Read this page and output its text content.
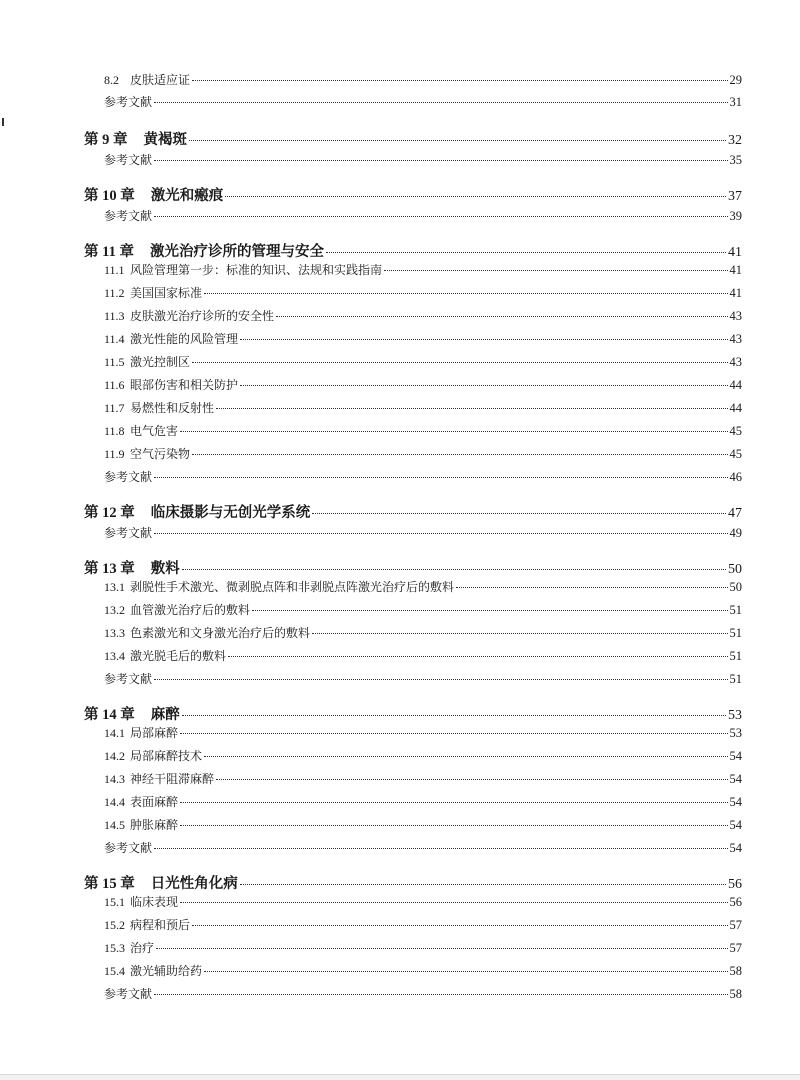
8.2 皮肤适应证	29
参考文献	31
第 9 章 黄褐斑	32
参考文献	35
第 10 章 激光和瘢痕	37
参考文献	39
第 11 章 激光治疗诊所的管理与安全	41
11.1 风险管理第一步：标准的知识、法规和实践指南	41
11.2 美国国家标准	41
11.3 皮肤激光治疗诊所的安全性	43
11.4 激光性能的风险管理	43
11.5 激光控制区	43
11.6 眼部伤害和相关防护	44
11.7 易燃性和反射性	44
11.8 电气危害	45
11.9 空气污染物	45
参考文献	46
第 12 章 临床摄影与无创光学系统	47
参考文献	49
第 13 章 敷料	50
13.1 剥脱性手术激光、微剥脱点阵和非剥脱点阵激光治疗后的敷料	50
13.2 血管激光治疗后的敷料	51
13.3 色素激光和文身激光治疗后的敷料	51
13.4 激光脱毛后的敷料	51
参考文献	51
第 14 章 麻醉	53
14.1 局部麻醉	53
14.2 局部麻醉技术	54
14.3 神经干阻滞麻醉	54
14.4 表面麻醉	54
14.5 肿胀麻醉	54
参考文献	54
第 15 章 日光性角化病	56
15.1 临床表现	56
15.2 病程和预后	57
15.3 治疗	57
15.4 激光辅助给药	58
参考文献	58
